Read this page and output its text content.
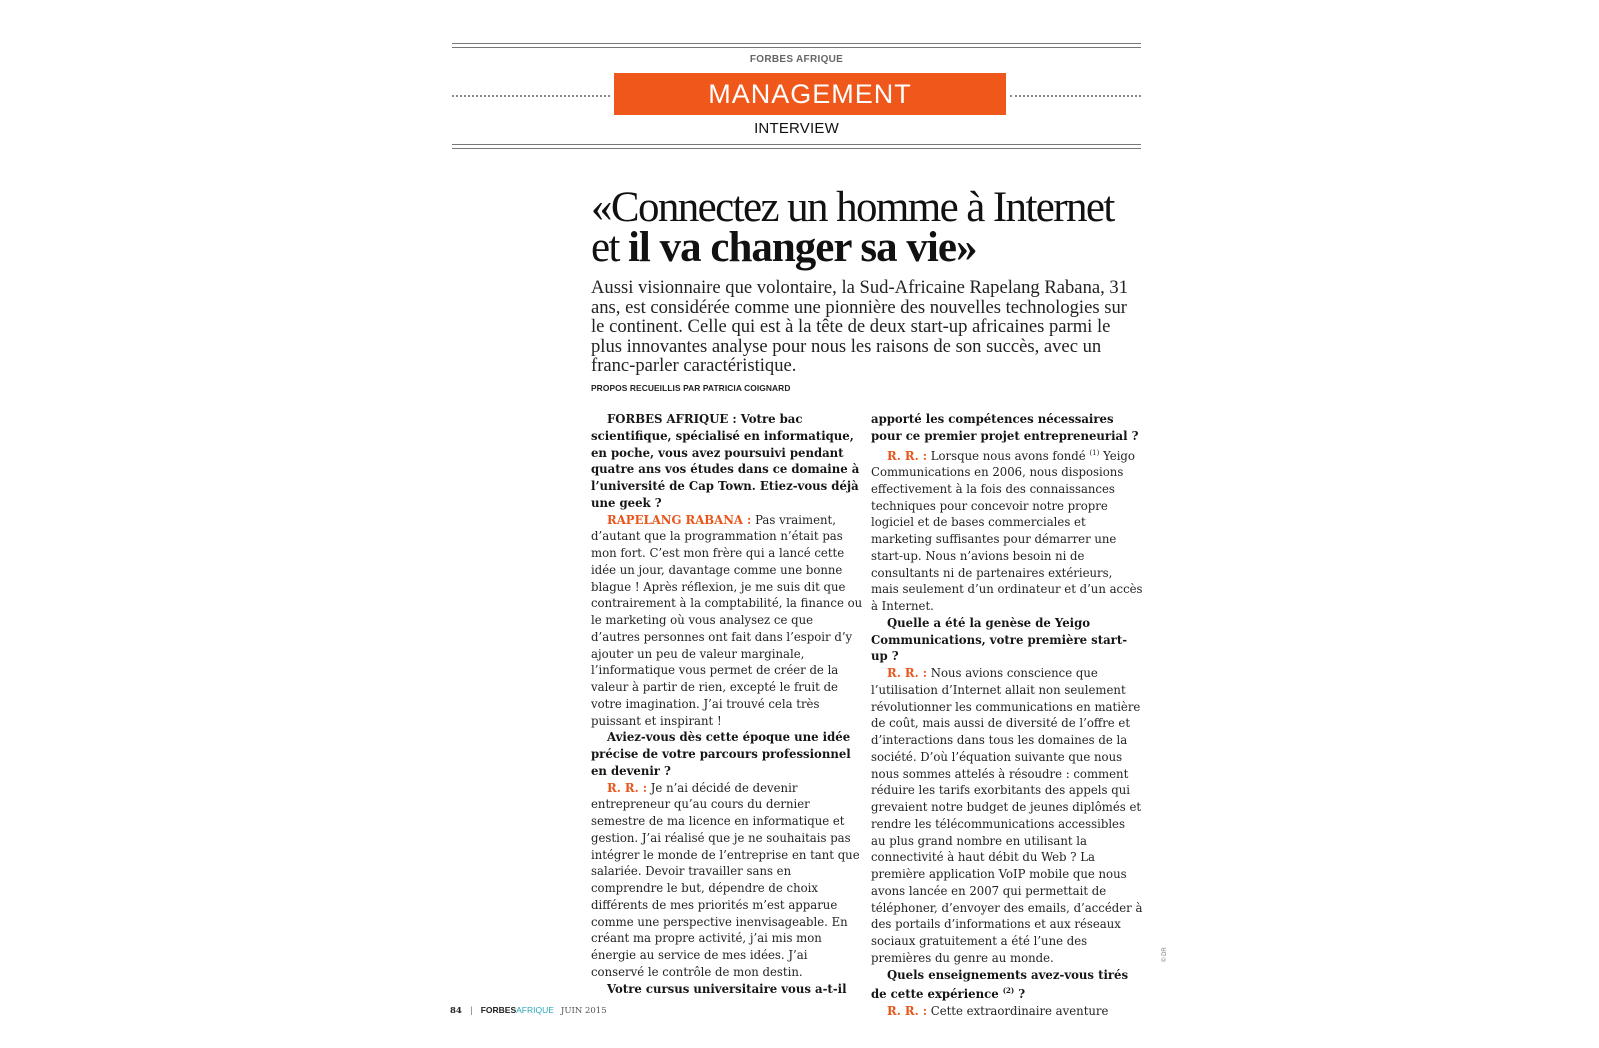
FORBES AFRIQUE
MANAGEMENT
INTERVIEW
«Connectez un homme à Internet
et il va changer sa vie»

Aussi visionnaire que volontaire, la Sud-Africaine Rapelang Rabana, 31 ans, est considérée comme une pionnière des nouvelles technologies sur le continent. Celle qui est à la tête de deux start-up africaines parmi le plus innovantes analyse pour nous les raisons de son succès, avec un franc-parler caractéristique.

PROPOS RECUEILLIS PAR PATRICIA COIGNARD

FORBES AFRIQUE : Votre bac scientifique, spécialisé en informatique, en poche, vous avez poursuivi pendant quatre ans vos études dans ce domaine à l’université de Cap Town. Etiez-vous déjà une geek ?

RAPELANG RABANA : Pas vraiment, d’autant que la programmation n’était pas mon fort. C’est mon frère qui a lancé cette idée un jour, davantage comme une bonne blague ! Après réflexion, je me suis dit que contrairement à la comptabilité, la finance ou le marketing où vous analysez ce que d’autres personnes ont fait dans l’espoir d’y ajouter un peu de valeur marginale, l’informatique vous permet de créer de la valeur à partir de rien, excepté le fruit de votre imagination. J’ai trouvé cela très puissant et inspirant !

Aviez-vous dès cette époque une idée précise de votre parcours professionnel en devenir ?

R. R. : Je n’ai décidé de devenir entrepreneur qu’au cours du dernier semestre de ma licence en informatique et gestion. J’ai réalisé que je ne souhaitais pas intégrer le monde de l’entreprise en tant que salariée. Devoir travailler sans en comprendre le but, dépendre de choix différents de mes priorités m’est apparue comme une perspective inenvisageable. En créant ma propre activité, j’ai mis mon énergie au service de mes idées. J’ai conservé le contrôle de mon destin.

Votre cursus universitaire vous a-t-il

apporté les compétences nécessaires pour ce premier projet entrepreneurial ?

R. R. : Lorsque nous avons fondé $^{(1)}$ Yeigo Communications en 2006, nous disposions effectivement à la fois des connaissances techniques pour concevoir notre propre logiciel et de bases commerciales et marketing suffisantes pour démarrer une start-up. Nous n’avions besoin ni de consultants ni de partenaires extérieurs, mais seulement d’un ordinateur et d’un accès à Internet.

Quelle a été la genèse de Yeigo Communications, votre première start-up ?

R. R. : Nous avions conscience que l’utilisation d’Internet allait non seulement révolutionner les communications en matière de coût, mais aussi de diversité de l’offre et d’interactions dans tous les domaines de la société. D’où l’équation suivante que nous nous sommes attelés à résoudre : comment réduire les tarifs exorbitants des appels qui grevaient notre budget de jeunes diplômés et rendre les télécommunications accessibles au plus grand nombre en utilisant la connectivité à haut débit du Web ? La première application VoIP mobile que nous avons lancée en 2007 qui permettait de téléphoner, d’envoyer des emails, d’accéder à des portails d’informations et aux réseaux sociaux gratuitement a été l’une des premières du genre au monde.

Quels enseignements avez-vous tirés de cette expérience $^{(2)}$ ?

R. R. : Cette extraordinaire aventure

© DR
84 | FORBESAFRIQUE JUIN 2015
